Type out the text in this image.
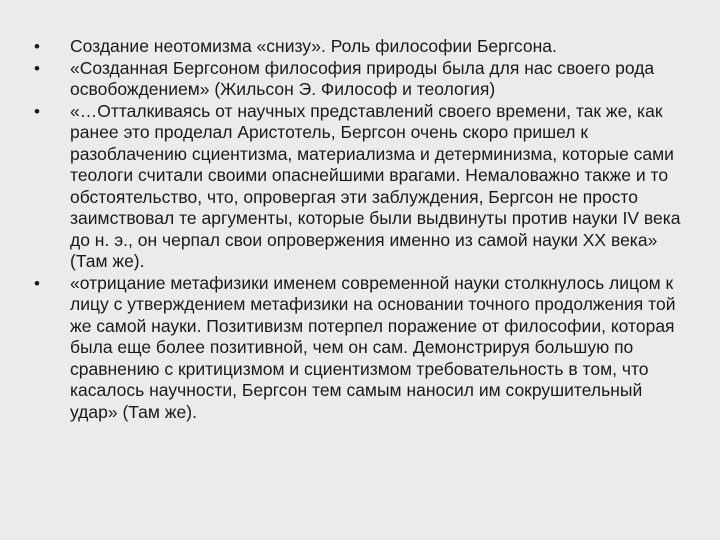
•	Создание неотомизма «снизу». Роль философии Бергсона.
•	«Созданная Бергсоном философия природы была для нас своего рода освобождением» (Жильсон Э. Философ и теология)
•	«…Отталкиваясь от научных представлений своего времени, так же, как ранее это проделал Аристотель, Бергсон очень скоро пришел к разоблачению сциентизма, материализма и детерминизма, которые сами теологи считали своими опаснейшими врагами. Немаловажно также и то обстоятельство, что, опровергая эти заблуждения, Бергсон не просто заимствовал те аргументы, которые были выдвинуты против науки IV века до н. э., он черпал свои опровержения именно из самой науки XX века» (Там же).
•	«отрицание метафизики именем современной науки столкнулось лицом к лицу с утверждением метафизики на основании точного продолжения той же самой науки. Позитивизм потерпел поражение от философии, которая была еще более позитивной, чем он сам. Демонстрируя большую по сравнению с критицизмом и сциентизмом требовательность в том, что касалось научности, Бергсон тем самым наносил им сокрушительный удар» (Там же).
